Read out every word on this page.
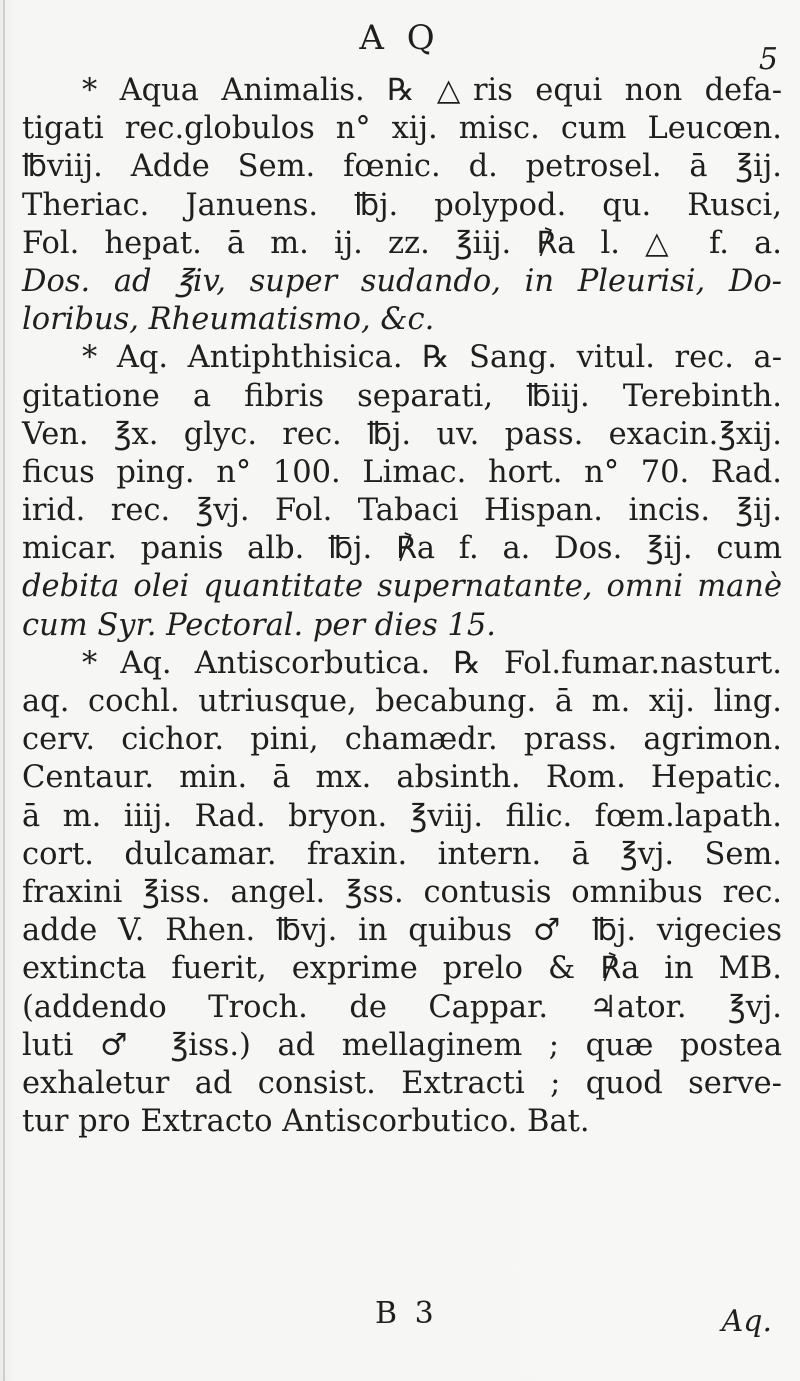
A Q
5
* Aqua Animalis. ℞ △ris equi non defa-
tigati rec.globulos n° xij. misc. cum Leucœn.
℔viij. Adde Sem. fœnic. d. petrosel. ā ℥ij.
Theriac. Januens. ℔j. polypod. qu. Rusci,
Fol. hepat. ā m. ij. zz. ℥iij. ℟a l. △ f. a.
Dos. ad ℥iv, super sudando, in Pleurisi, Do-
loribus, Rheumatismo, &c.
* Aq. Antiphthisica. ℞ Sang. vitul. rec. a-
gitatione a fibris separati, ℔iij. Terebinth.
Ven. ℥x. glyc. rec. ℔j. uv. pass. exacin.℥xij.
ficus ping. n° 100. Limac. hort. n° 70. Rad.
irid. rec. ℥vj. Fol. Tabaci Hispan. incis. ℥ij.
micar. panis alb. ℔j. ℟a f. a. Dos. ℥ij. cum
debita olei quantitate supernatante, omni manè
cum Syr. Pectoral. per dies 15.
* Aq. Antiscorbutica. ℞ Fol.fumar.nasturt.
aq. cochl. utriusque, becabung. ā m. xij. ling.
cerv. cichor. pini, chamædr. prass. agrimon.
Centaur. min. ā mx. absinth. Rom. Hepatic.
ā m. iiij. Rad. bryon. ℥viij. filic. fœm.lapath.
cort. dulcamar. fraxin. intern. ā ℥vj. Sem.
fraxini ℥iss. angel. ℥ss. contusis omnibus rec.
adde V. Rhen. ℔vj. in quibus ♂ ℔j. vigecies
extincta fuerit, exprime prelo & ℟a in MB.
(addendo Troch. de Cappar. ♃ator. ℥vj.
luti ♂ ℥iss.) ad mellaginem ; quæ postea
exhaletur ad consist. Extracti ; quod serve-
tur pro Extracto Antiscorbutico. Bat.
B 3	Aq.
